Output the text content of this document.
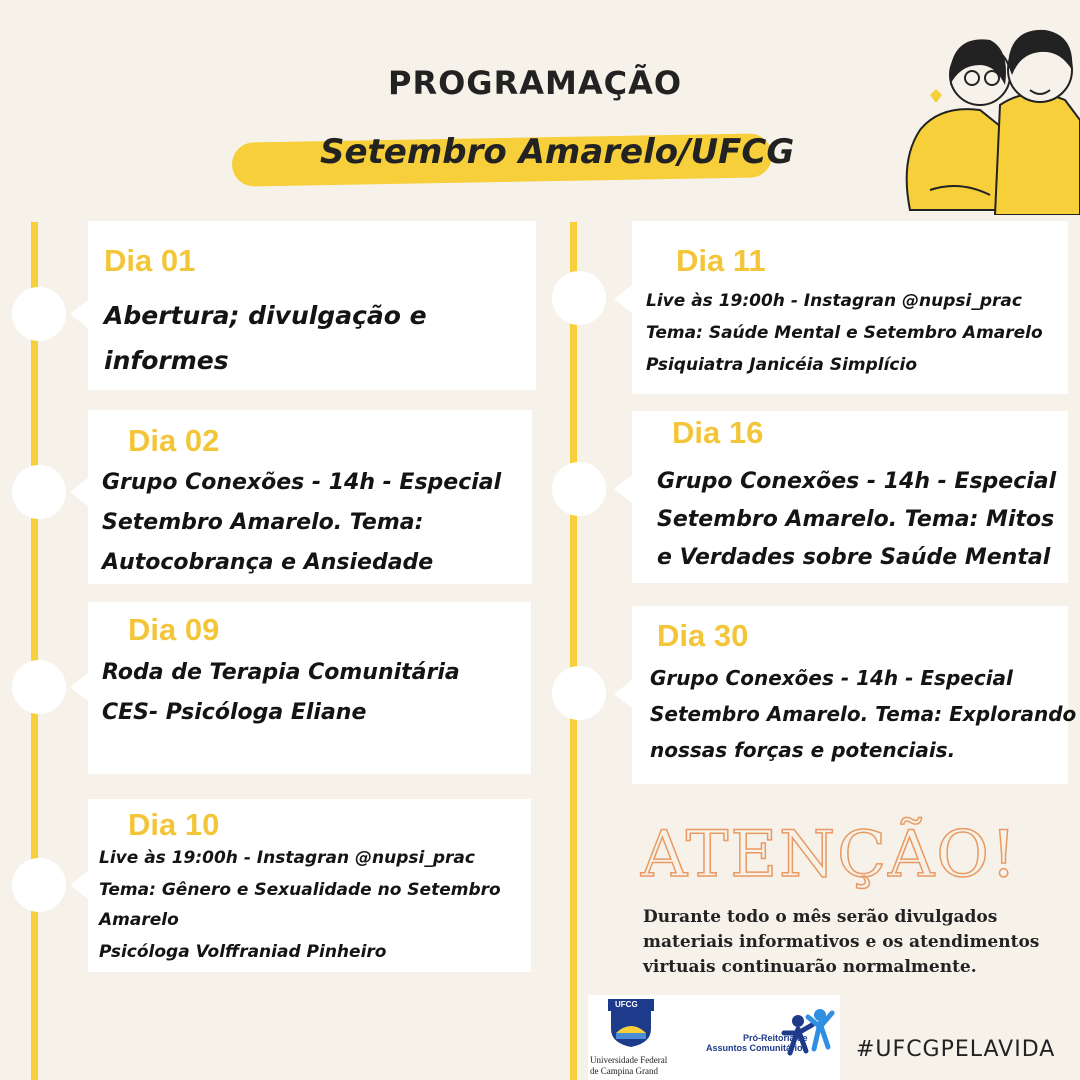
PROGRAMAÇÃO
Setembro Amarelo/UFCG
Dia 01
Abertura; divulgação e
informes
Dia 02
Grupo Conexões - 14h - Especial
Setembro Amarelo. Tema:
Autocobrança e Ansiedade
Dia 09
Roda de Terapia Comunitária
CES- Psicóloga Eliane
Dia 10
Live às 19:00h - Instagran @nupsi_prac
Tema: Gênero e Sexualidade no Setembro
Amarelo
Psicóloga Volffraniad Pinheiro
Dia 11
Live às 19:00h - Instagran @nupsi_prac
Tema: Saúde Mental e Setembro Amarelo
Psiquiatra Janicéia Simplício
Dia 16
Grupo Conexões - 14h - Especial
Setembro Amarelo. Tema: Mitos
e Verdades sobre Saúde Mental
Dia 30
Grupo Conexões - 14h - Especial
Setembro Amarelo. Tema: Explorando
nossas forças e potenciais.
ATENÇÃO!
Durante todo o mês serão divulgados
materiais informativos e os atendimentos
virtuais continuarão normalmente.
UFCG
Universidade Federal
de Campina Grand
Pró-Reitoria de
Assuntos Comunitários #UFCGPELAVIDA
